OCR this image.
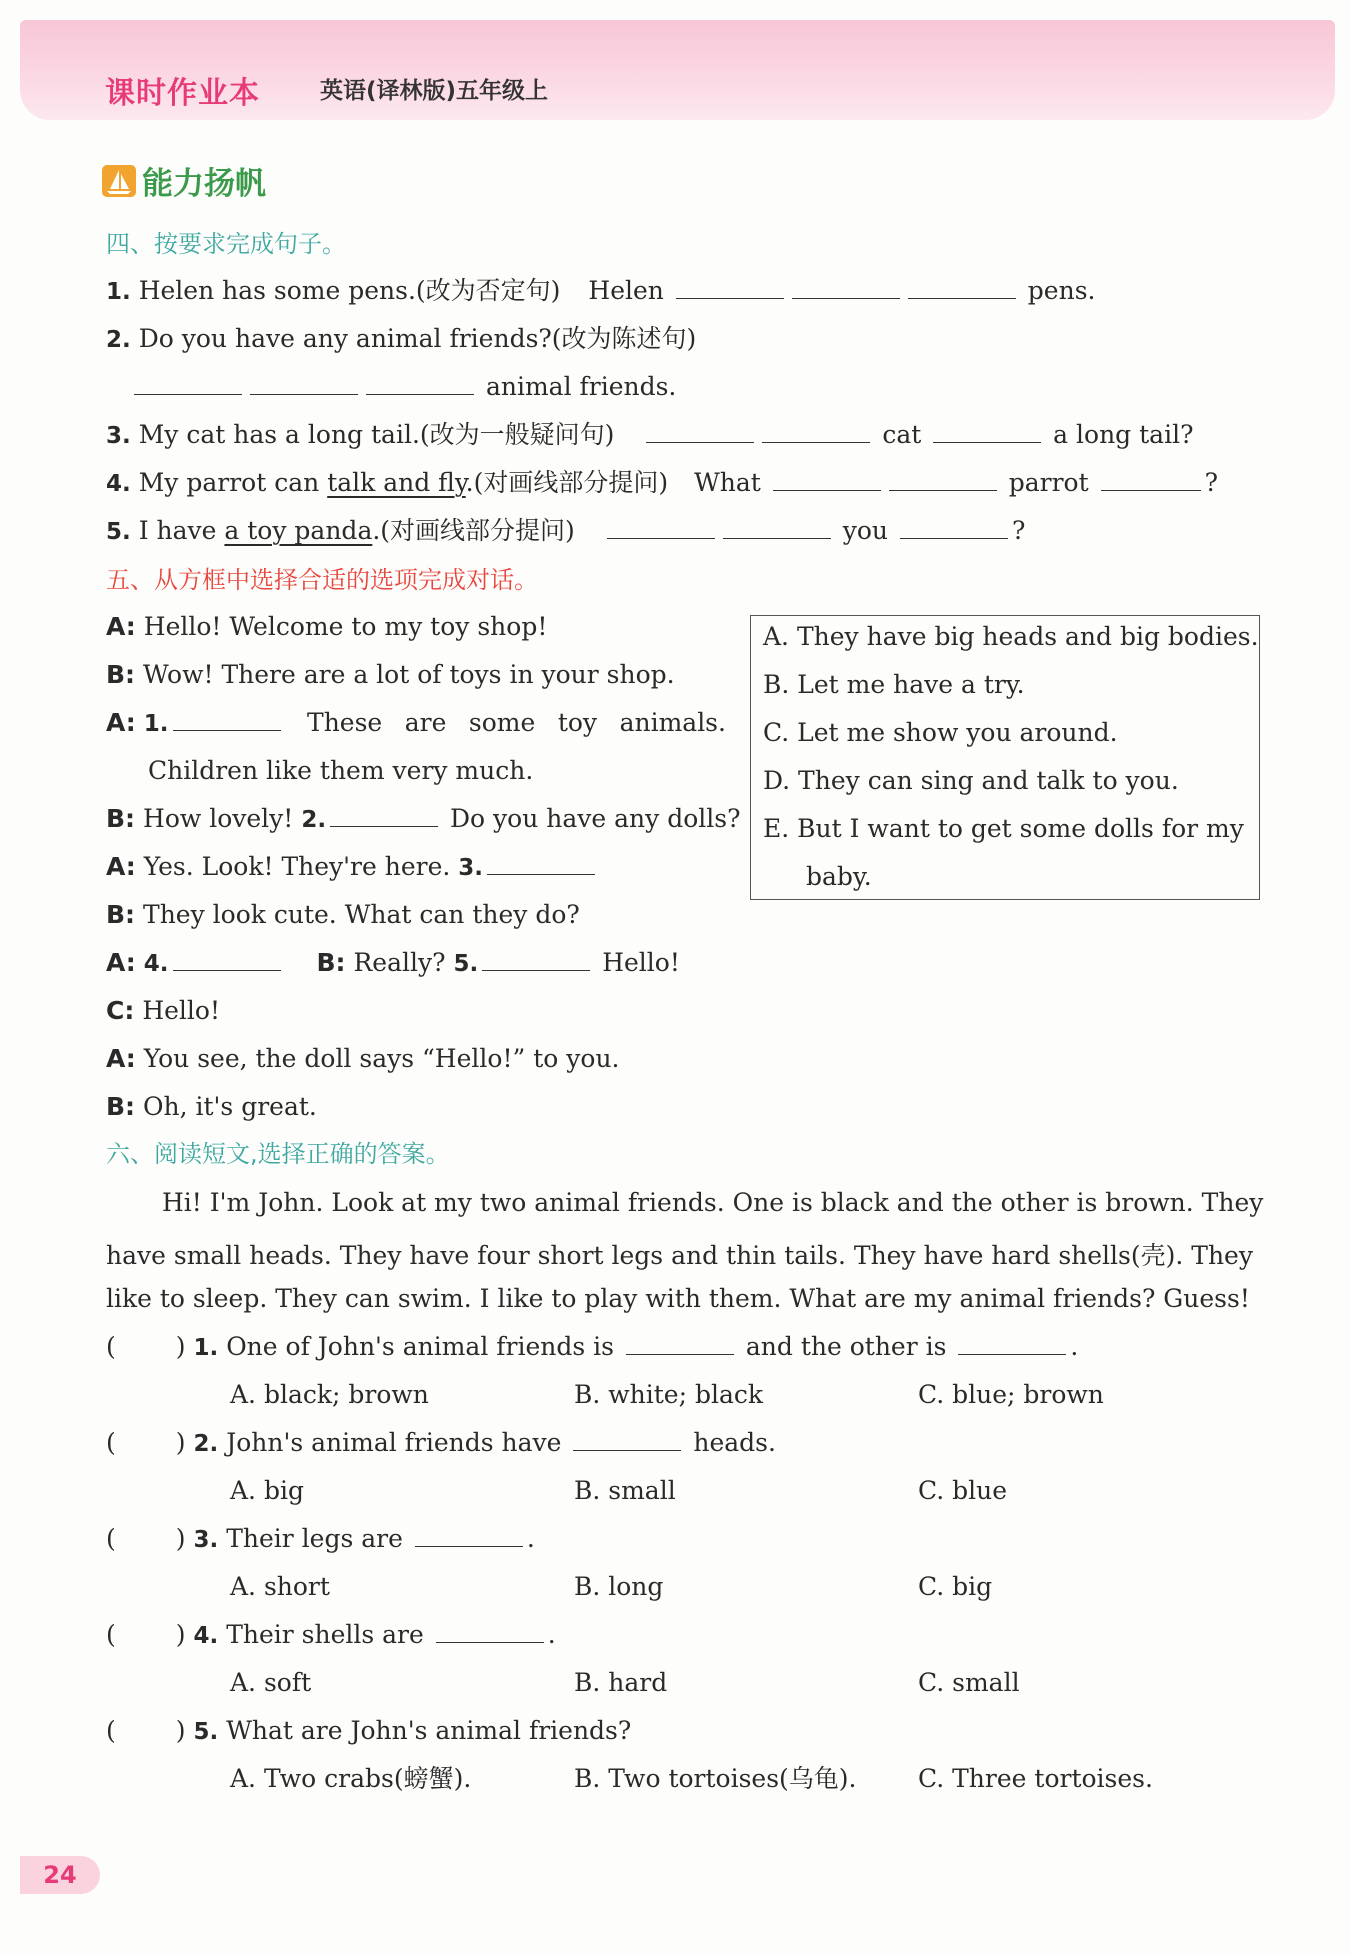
课时作业本	英语(译林版)五年级上
能力扬帆
四、按要求完成句子。
1. Helen has some pens.(改为否定句) Helen	pens.
2. Do you have any animal friends?(改为陈述句)
animal friends.
3. My cat has a long tail.(改为一般疑问句)	cat	a long tail?
4. My parrot can talk and fly.(对画线部分提问) What	parrot	?
5. I have a toy panda.(对画线部分提问)	you	?
五、从方框中选择合适的选项完成对话。
A: Hello! Welcome to my toy shop!
B: Wow! There are a lot of toys in your shop.
A: 1.	These are some toy animals.
Children like them very much.
B: How lovely! 2.	Do you have any dolls?
A: Yes. Look! They're here. 3.
B: They look cute. What can they do?
A: 4.	B: Really? 5.	Hello!
C: Hello!
A: You see, the doll says “Hello!” to you.
B: Oh, it's great.
A. They have big heads and big bodies.
B. Let me have a try.
C. Let me show you around.
D. They can sing and talk to you.
E. But I want to get some dolls for my
baby.
六、阅读短文,选择正确的答案。
Hi! I'm John. Look at my two animal friends. One is black and the other is brown. They
have small heads. They have four short legs and thin tails. They have hard shells(壳). They
like to sleep. They can swim. I like to play with them. What are my animal friends? Guess!
( ) 1. One of John's animal friends is	and the other is	.
A. black; brown	B. white; black	C. blue; brown
( ) 2. John's animal friends have	heads.
A. big	B. small	C. blue
( ) 3. Their legs are	.
A. short	B. long	C. big
( ) 4. Their shells are	.
A. soft	B. hard	C. small
( ) 5. What are John's animal friends?
A. Two crabs(螃蟹).	B. Two tortoises(乌龟). C. Three tortoises.
24
